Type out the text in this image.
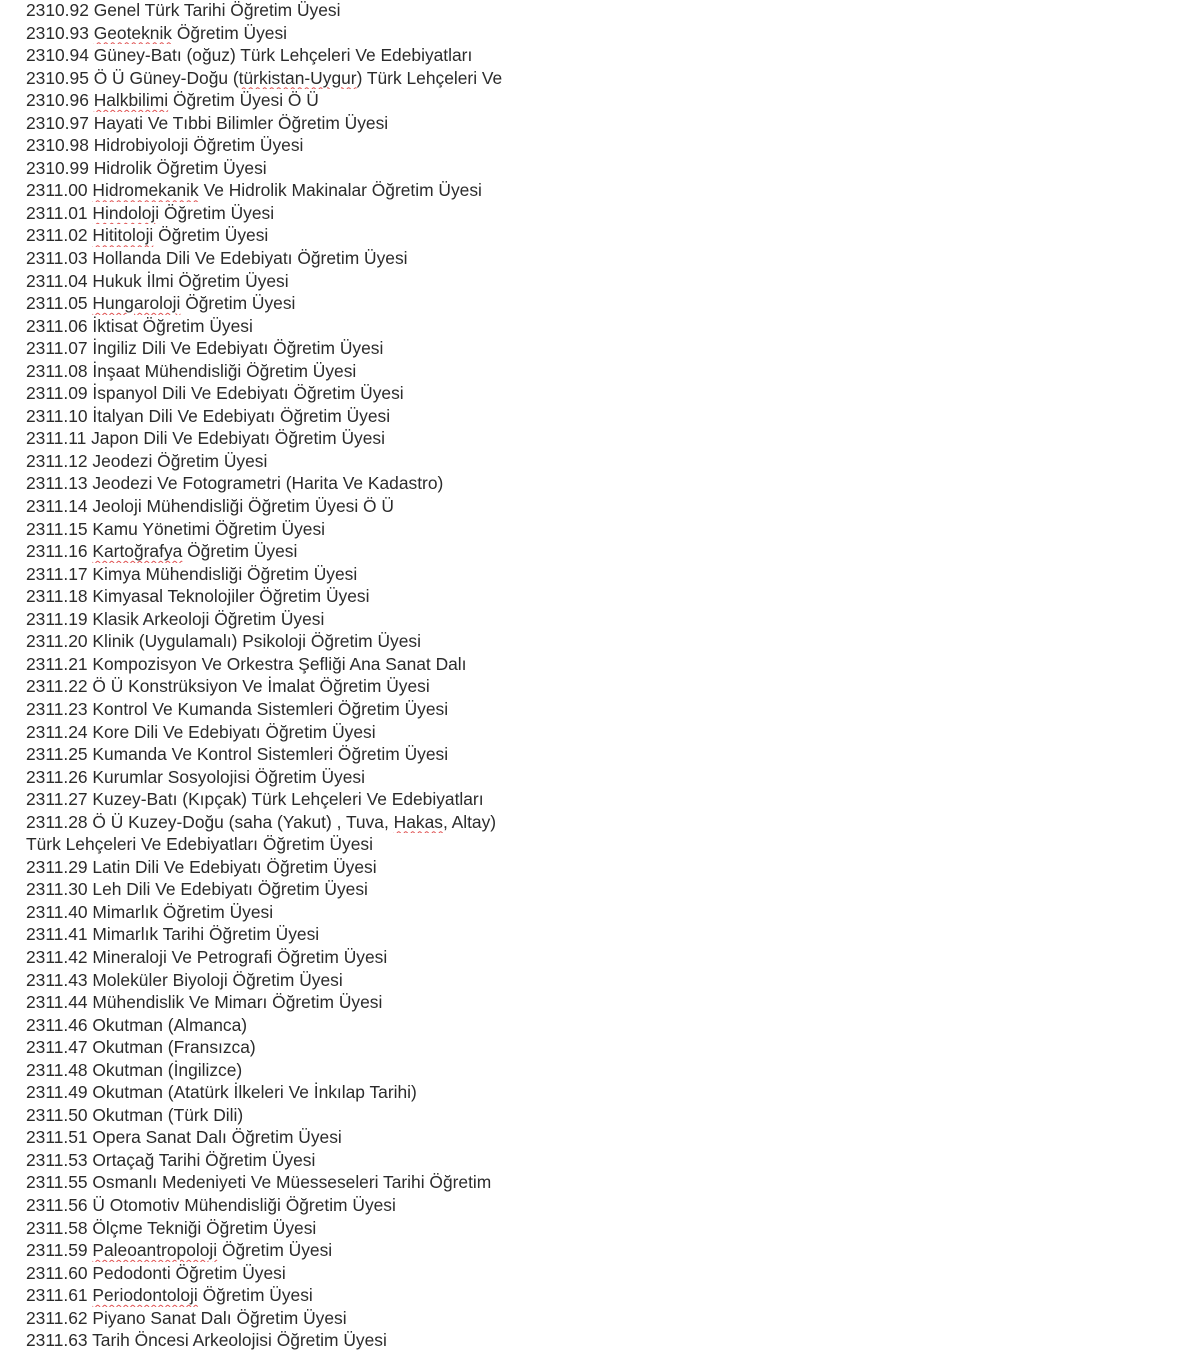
2310.92 Genel Türk Tarihi Öğretim Üyesi
2310.93 Geoteknik Öğretim Üyesi
2310.94 Güney-Batı (oğuz) Türk Lehçeleri Ve Edebiyatları
2310.95 Ö Ü Güney-Doğu (türkistan-Uygur) Türk Lehçeleri Ve
2310.96 Halkbilimi Öğretim Üyesi Ö Ü
2310.97 Hayati Ve Tıbbi Bilimler Öğretim Üyesi
2310.98 Hidrobiyoloji Öğretim Üyesi
2310.99 Hidrolik Öğretim Üyesi
2311.00 Hidromekanik Ve Hidrolik Makinalar Öğretim Üyesi
2311.01 Hindoloji Öğretim Üyesi
2311.02 Hititoloji Öğretim Üyesi
2311.03 Hollanda Dili Ve Edebiyatı Öğretim Üyesi
2311.04 Hukuk İlmi Öğretim Üyesi
2311.05 Hungaroloji Öğretim Üyesi
2311.06 İktisat Öğretim Üyesi
2311.07 İngiliz Dili Ve Edebiyatı Öğretim Üyesi
2311.08 İnşaat Mühendisliği Öğretim Üyesi
2311.09 İspanyol Dili Ve Edebiyatı Öğretim Üyesi
2311.10 İtalyan Dili Ve Edebiyatı Öğretim Üyesi
2311.11 Japon Dili Ve Edebiyatı Öğretim Üyesi
2311.12 Jeodezi Öğretim Üyesi
2311.13 Jeodezi Ve Fotogrametri (Harita Ve Kadastro)
2311.14 Jeoloji Mühendisliği Öğretim Üyesi Ö Ü
2311.15 Kamu Yönetimi Öğretim Üyesi
2311.16 Kartoğrafya Öğretim Üyesi
2311.17 Kimya Mühendisliği Öğretim Üyesi
2311.18 Kimyasal Teknolojiler Öğretim Üyesi
2311.19 Klasik Arkeoloji Öğretim Üyesi
2311.20 Klinik (Uygulamalı) Psikoloji Öğretim Üyesi
2311.21 Kompozisyon Ve Orkestra Şefliği Ana Sanat Dalı
2311.22 Ö Ü Konstrüksiyon Ve İmalat Öğretim Üyesi
2311.23 Kontrol Ve Kumanda Sistemleri Öğretim Üyesi
2311.24 Kore Dili Ve Edebiyatı Öğretim Üyesi
2311.25 Kumanda Ve Kontrol Sistemleri Öğretim Üyesi
2311.26 Kurumlar Sosyolojisi Öğretim Üyesi
2311.27 Kuzey-Batı (Kıpçak) Türk Lehçeleri Ve Edebiyatları
2311.28 Ö Ü Kuzey-Doğu (saha (Yakut) , Tuva, Hakas, Altay)
Türk Lehçeleri Ve Edebiyatları Öğretim Üyesi
2311.29 Latin Dili Ve Edebiyatı Öğretim Üyesi
2311.30 Leh Dili Ve Edebiyatı Öğretim Üyesi
2311.40 Mimarlık Öğretim Üyesi
2311.41 Mimarlık Tarihi Öğretim Üyesi
2311.42 Mineraloji Ve Petrografi Öğretim Üyesi
2311.43 Moleküler Biyoloji Öğretim Üyesi
2311.44 Mühendislik Ve Mimarı Öğretim Üyesi
2311.46 Okutman (Almanca)
2311.47 Okutman (Fransızca)
2311.48 Okutman (İngilizce)
2311.49 Okutman (Atatürk İlkeleri Ve İnkılap Tarihi)
2311.50 Okutman (Türk Dili)
2311.51 Opera Sanat Dalı Öğretim Üyesi
2311.53 Ortaçağ Tarihi Öğretim Üyesi
2311.55 Osmanlı Medeniyeti Ve Müesseseleri Tarihi Öğretim
2311.56 Ü Otomotiv Mühendisliği Öğretim Üyesi
2311.58 Ölçme Tekniği Öğretim Üyesi
2311.59 Paleoantropoloji Öğretim Üyesi
2311.60 Pedodonti Öğretim Üyesi
2311.61 Periodontoloji Öğretim Üyesi
2311.62 Piyano Sanat Dalı Öğretim Üyesi
2311.63 Tarih Öncesi Arkeolojisi Öğretim Üyesi
